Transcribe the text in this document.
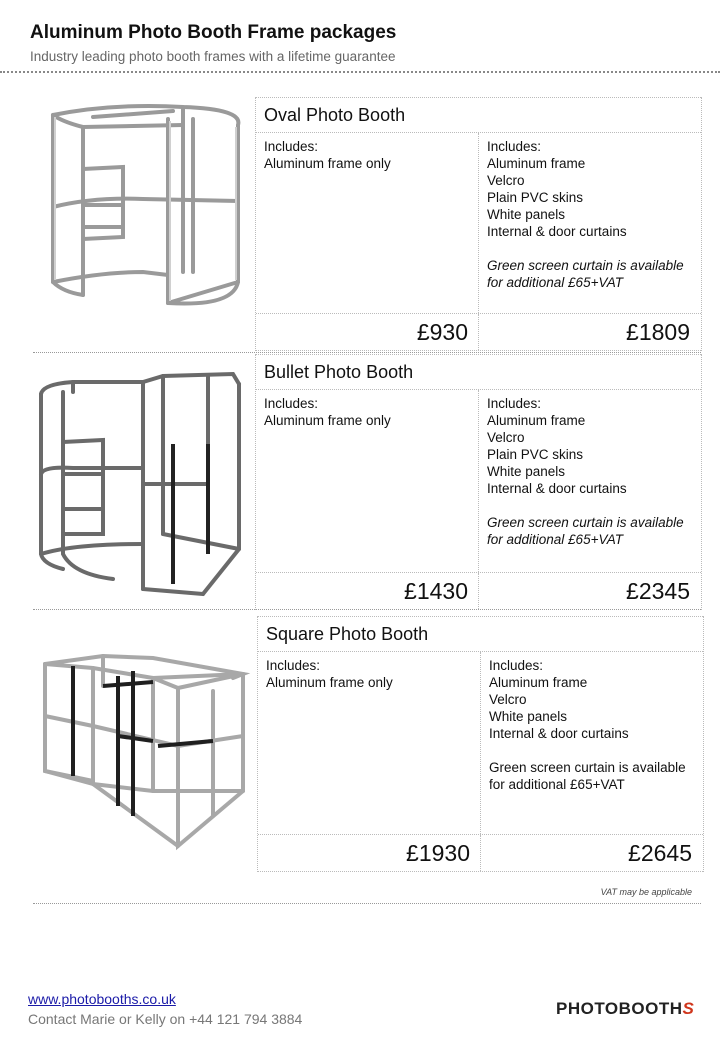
Aluminum Photo Booth Frame packages
Industry leading photo booth frames with a lifetime guarantee
Oval Photo Booth
Includes:
Aluminum frame only
Includes:
Aluminum frame
Velcro
Plain PVC skins
White panels
Internal & door curtains
Green screen curtain is available
for additional £65+VAT
£930	£1809
Bullet Photo Booth
Includes:
Aluminum frame only
Includes:
Aluminum frame
Velcro
Plain PVC skins
White panels
Internal & door curtains
Green screen curtain is available
for additional £65+VAT
£1430	£2345
Square Photo Booth
Includes:
Aluminum frame only
Includes:
Aluminum frame
Velcro
White panels
Internal & door curtains
Green screen curtain is available
for additional £65+VAT
£1930	£2645
VAT may be applicable
www.photobooths.co.uk
Contact Marie or Kelly on +44 121 794 3884
PHOTOBOOTHS
